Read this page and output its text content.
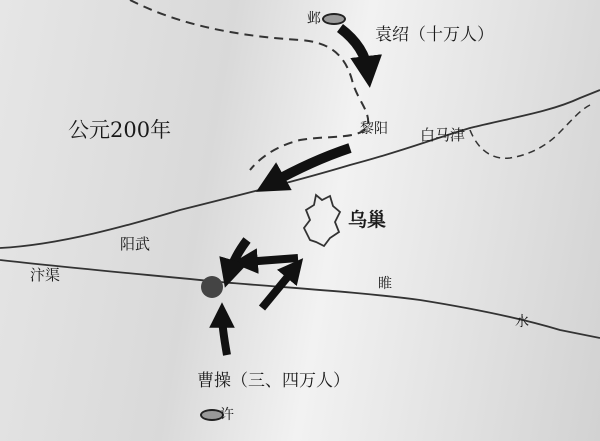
公元200年
邺
袁绍（十万人）
黎阳 白马津
乌巢
阳武
汴渠	睢
水
曹操（三、四万人）
许
